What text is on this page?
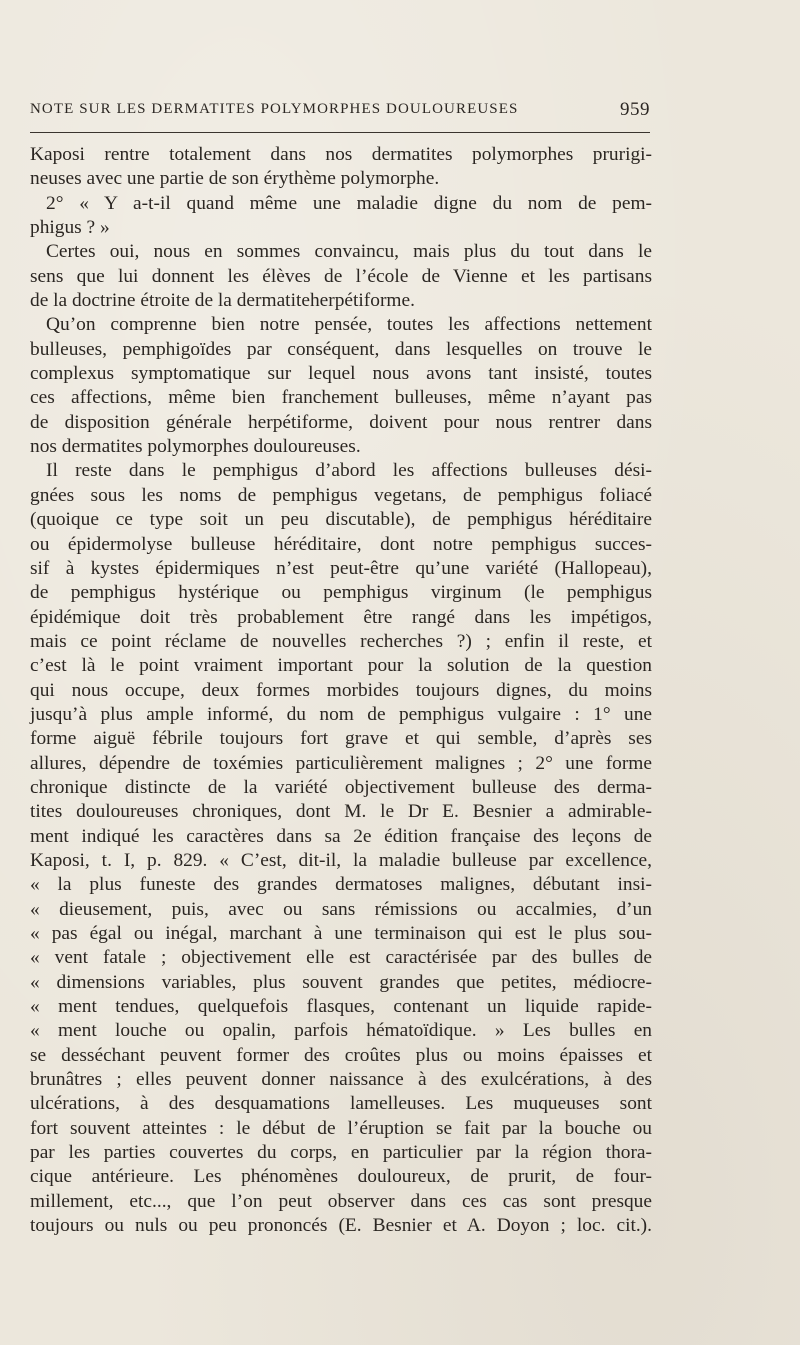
NOTE SUR LES DERMATITES POLYMORPHES DOULOUREUSES	959
Kaposi rentre totalement dans nos dermatites polymorphes prurigi-
neuses avec une partie de son érythème polymorphe.
2° « Y a-t-il quand même une maladie digne du nom de pem-
phigus ? »
Certes oui, nous en sommes convaincu, mais plus du tout dans le
sens que lui donnent les élèves de l’école de Vienne et les partisans
de la doctrine étroite de la dermatiteherpétiforme.
Qu’on comprenne bien notre pensée, toutes les affections nettement
bulleuses, pemphigoïdes par conséquent, dans lesquelles on trouve le
complexus symptomatique sur lequel nous avons tant insisté, toutes
ces affections, même bien franchement bulleuses, même n’ayant pas
de disposition générale herpétiforme, doivent pour nous rentrer dans
nos dermatites polymorphes douloureuses.
Il reste dans le pemphigus d’abord les affections bulleuses dési-
gnées sous les noms de pemphigus vegetans, de pemphigus foliacé
(quoique ce type soit un peu discutable), de pemphigus héréditaire
ou épidermolyse bulleuse héréditaire, dont notre pemphigus succes-
sif à kystes épidermiques n’est peut-être qu’une variété (Hallopeau),
de pemphigus hystérique ou pemphigus virginum (le pemphigus
épidémique doit très probablement être rangé dans les impétigos,
mais ce point réclame de nouvelles recherches ?) ; enfin il reste, et
c’est là le point vraiment important pour la solution de la question
qui nous occupe, deux formes morbides toujours dignes, du moins
jusqu’à plus ample informé, du nom de pemphigus vulgaire : 1° une
forme aiguë fébrile toujours fort grave et qui semble, d’après ses
allures, dépendre de toxémies particulièrement malignes ; 2° une forme
chronique distincte de la variété objectivement bulleuse des derma-
tites douloureuses chroniques, dont M. le Dr E. Besnier a admirable-
ment indiqué les caractères dans sa 2e édition française des leçons de
Kaposi, t. I, p. 829. « C’est, dit-il, la maladie bulleuse par excellence,
« la plus funeste des grandes dermatoses malignes, débutant insi-
« dieusement, puis, avec ou sans rémissions ou accalmies, d’un
« pas égal ou inégal, marchant à une terminaison qui est le plus sou-
« vent fatale ; objectivement elle est caractérisée par des bulles de
« dimensions variables, plus souvent grandes que petites, médiocre-
« ment tendues, quelquefois flasques, contenant un liquide rapide-
« ment louche ou opalin, parfois hématoïdique. » Les bulles en
se desséchant peuvent former des croûtes plus ou moins épaisses et
brunâtres ; elles peuvent donner naissance à des exulcérations, à des
ulcérations, à des desquamations lamelleuses. Les muqueuses sont
fort souvent atteintes : le début de l’éruption se fait par la bouche ou
par les parties couvertes du corps, en particulier par la région thora-
cique antérieure. Les phénomènes douloureux, de prurit, de four-
millement, etc..., que l’on peut observer dans ces cas sont presque
toujours ou nuls ou peu prononcés (E. Besnier et A. Doyon ; loc. cit.).
